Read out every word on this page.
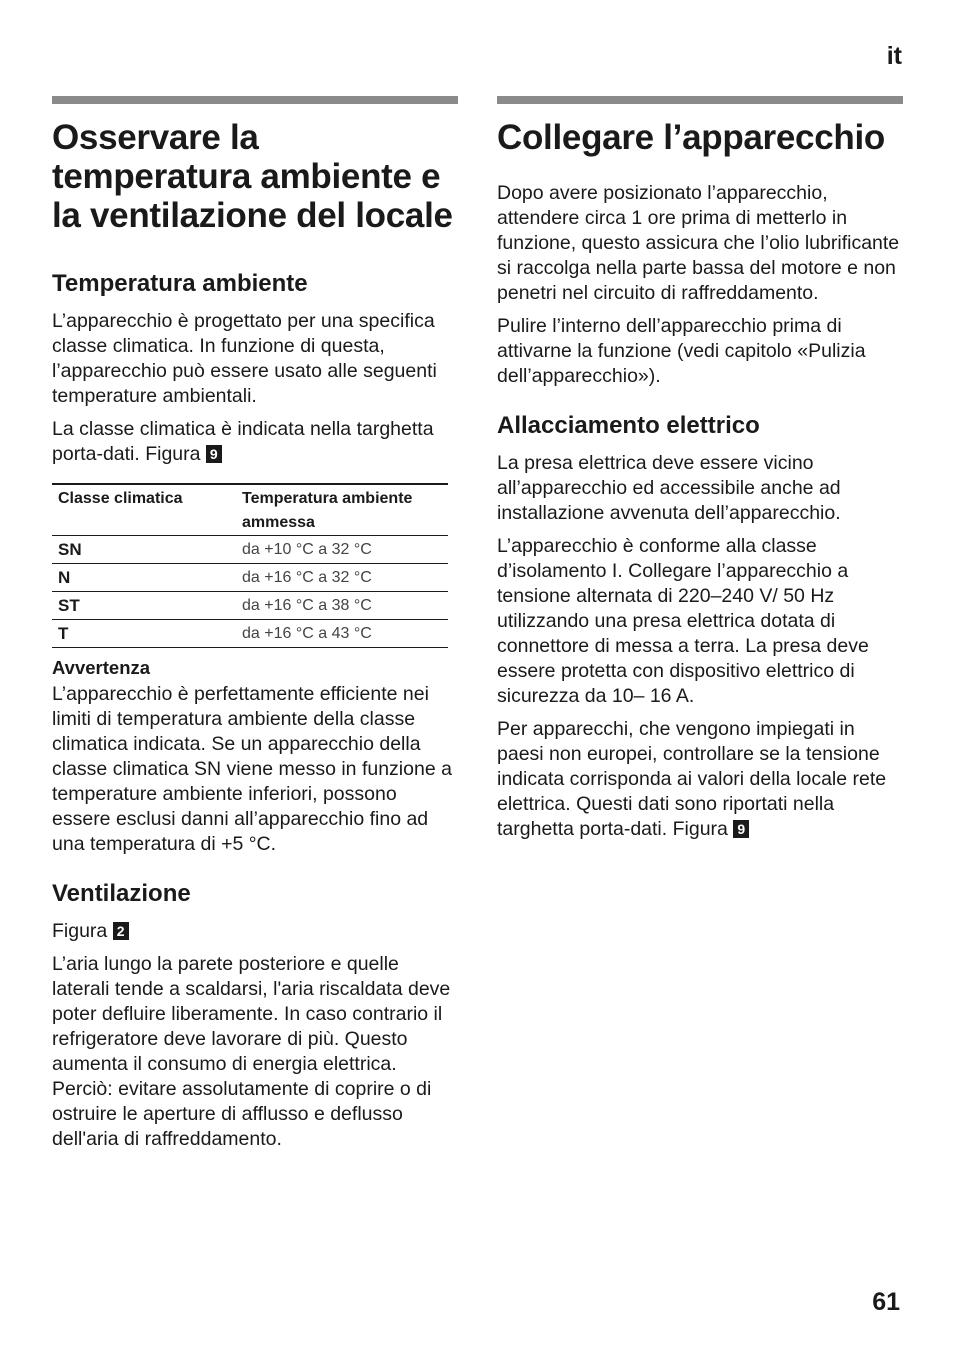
it
Osservare la temperatura ambiente e la ventilazione del locale
Temperatura ambiente

L’apparecchio è progettato per una specifica classe climatica. In funzione di questa, l’apparecchio può essere usato alle seguenti temperature ambientali.

La classe climatica è indicata nella targhetta porta-dati. Figura 9

Classe climatica	Temperatura ambiente ammessa
SN	da +10 °C a 32 °C
N	da +16 °C a 32 °C
ST	da +16 °C a 38 °C
T	da +16 °C a 43 °C
Avvertenza

L’apparecchio è perfettamente efficiente nei limiti di temperatura ambiente della classe climatica indicata. Se un apparecchio della classe climatica SN viene messo in funzione a temperature ambiente inferiori, possono essere esclusi danni all’apparecchio fino ad una temperatura di +5 °C.

Ventilazione

Figura 2

L’aria lungo la parete posteriore e quelle laterali tende a scaldarsi, l'aria riscaldata deve poter defluire liberamente. In caso contrario il refrigeratore deve lavorare di più. Questo aumenta il consumo di energia elettrica. Perciò: evitare assolutamente di coprire o di ostruire le aperture di afflusso e deflusso dell'aria di raffreddamento.

Collegare l’apparecchio

Dopo avere posizionato l’apparecchio, attendere circa 1 ore prima di metterlo in funzione, questo assicura che l’olio lubrificante si raccolga nella parte bassa del motore e non penetri nel circuito di raffreddamento.

Pulire l’interno dell’apparecchio prima di attivarne la funzione (vedi capitolo «Pulizia dell’apparecchio»).

Allacciamento elettrico

La presa elettrica deve essere vicino all’apparecchio ed accessibile anche ad installazione avvenuta dell’apparecchio.

L’apparecchio è conforme alla classe d’isolamento I. Collegare l’apparecchio a tensione alternata di 220–240 V/ 50 Hz utilizzando una presa elettrica dotata di connettore di messa a terra. La presa deve essere protetta con dispositivo elettrico di sicurezza da 10– 16 A.

Per apparecchi, che vengono impiegati in paesi non europei, controllare se la tensione indicata corrisponda ai valori della locale rete elettrica. Questi dati sono riportati nella targhetta porta-dati. Figura 9

61
